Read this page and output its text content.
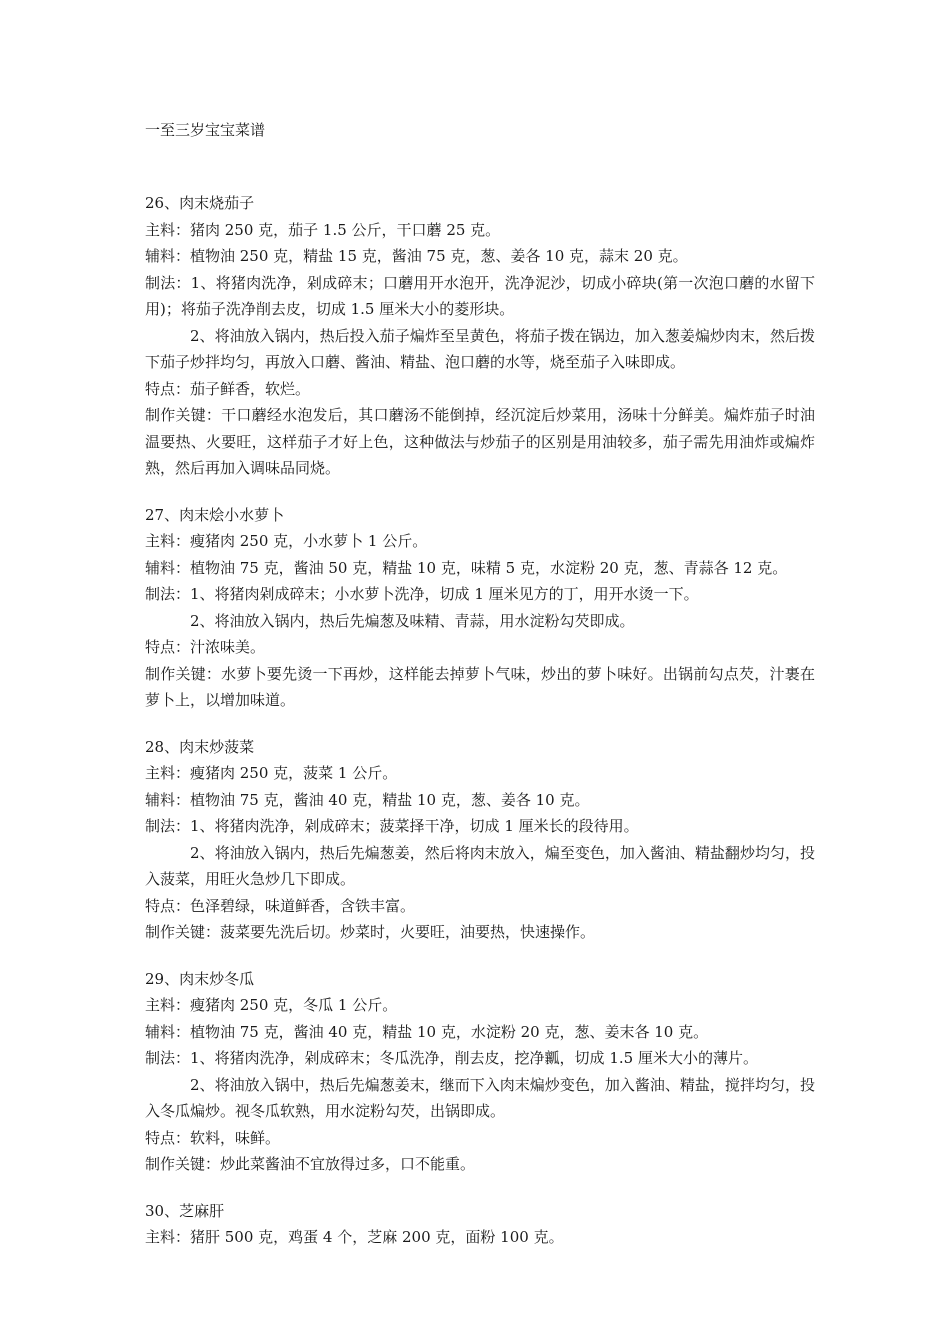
一至三岁宝宝菜谱
26、肉末烧茄子
主料：猪肉 250 克，茄子 1.5 公斤，干口蘑 25 克。
辅料：植物油 250 克，精盐 15 克，酱油 75 克，葱、姜各 10 克，蒜末 20 克。
制法：1、将猪肉洗净，剁成碎末；口蘑用开水泡开，洗净泥沙，切成小碎块(第一次泡口蘑的水留下用)；将茄子洗净削去皮，切成 1.5 厘米大小的菱形块。
2、将油放入锅内，热后投入茄子煸炸至呈黄色，将茄子拨在锅边，加入葱姜煸炒肉末，然后拨下茄子炒拌均匀，再放入口蘑、酱油、精盐、泡口蘑的水等，烧至茄子入味即成。
特点：茄子鲜香，软烂。
制作关键：干口蘑经水泡发后，其口蘑汤不能倒掉，经沉淀后炒菜用，汤味十分鲜美。煸炸茄子时油温要热、火要旺，这样茄子才好上色，这种做法与炒茄子的区别是用油较多，茄子需先用油炸或煸炸熟，然后再加入调味品同烧。
27、肉末烩小水萝卜
主料：瘦猪肉 250 克，小水萝卜 1 公斤。
辅料：植物油 75 克，酱油 50 克，精盐 10 克，味精 5 克，水淀粉 20 克，葱、青蒜各 12 克。
制法：1、将猪肉剁成碎末；小水萝卜洗净，切成 1 厘米见方的丁，用开水烫一下。
2、将油放入锅内，热后先煸葱及味精、青蒜，用水淀粉勾芡即成。
特点：汁浓味美。
制作关键：水萝卜要先烫一下再炒，这样能去掉萝卜气味，炒出的萝卜味好。出锅前勾点芡，汁裹在萝卜上，以增加味道。
28、肉末炒菠菜
主料：瘦猪肉 250 克，菠菜 1 公斤。
辅料：植物油 75 克，酱油 40 克，精盐 10 克，葱、姜各 10 克。
制法：1、将猪肉洗净，剁成碎末；菠菜择干净，切成 1 厘米长的段待用。
2、将油放入锅内，热后先煸葱姜，然后将肉末放入，煸至变色，加入酱油、精盐翻炒均匀，投入菠菜，用旺火急炒几下即成。
特点：色泽碧绿，味道鲜香，含铁丰富。
制作关键：菠菜要先洗后切。炒菜时，火要旺，油要热，快速操作。
29、肉末炒冬瓜
主料：瘦猪肉 250 克，冬瓜 1 公斤。
辅料：植物油 75 克，酱油 40 克，精盐 10 克，水淀粉 20 克，葱、姜末各 10 克。
制法：1、将猪肉洗净，剁成碎末；冬瓜洗净，削去皮，挖净瓤，切成 1.5 厘米大小的薄片。
2、将油放入锅中，热后先煸葱姜末，继而下入肉末煸炒变色，加入酱油、精盐，搅拌均匀，投入冬瓜煸炒。视冬瓜软熟，用水淀粉勾芡，出锅即成。
特点：软料，味鲜。
制作关键：炒此菜酱油不宜放得过多，口不能重。
30、芝麻肝
主料：猪肝 500 克，鸡蛋 4 个，芝麻 200 克，面粉 100 克。
